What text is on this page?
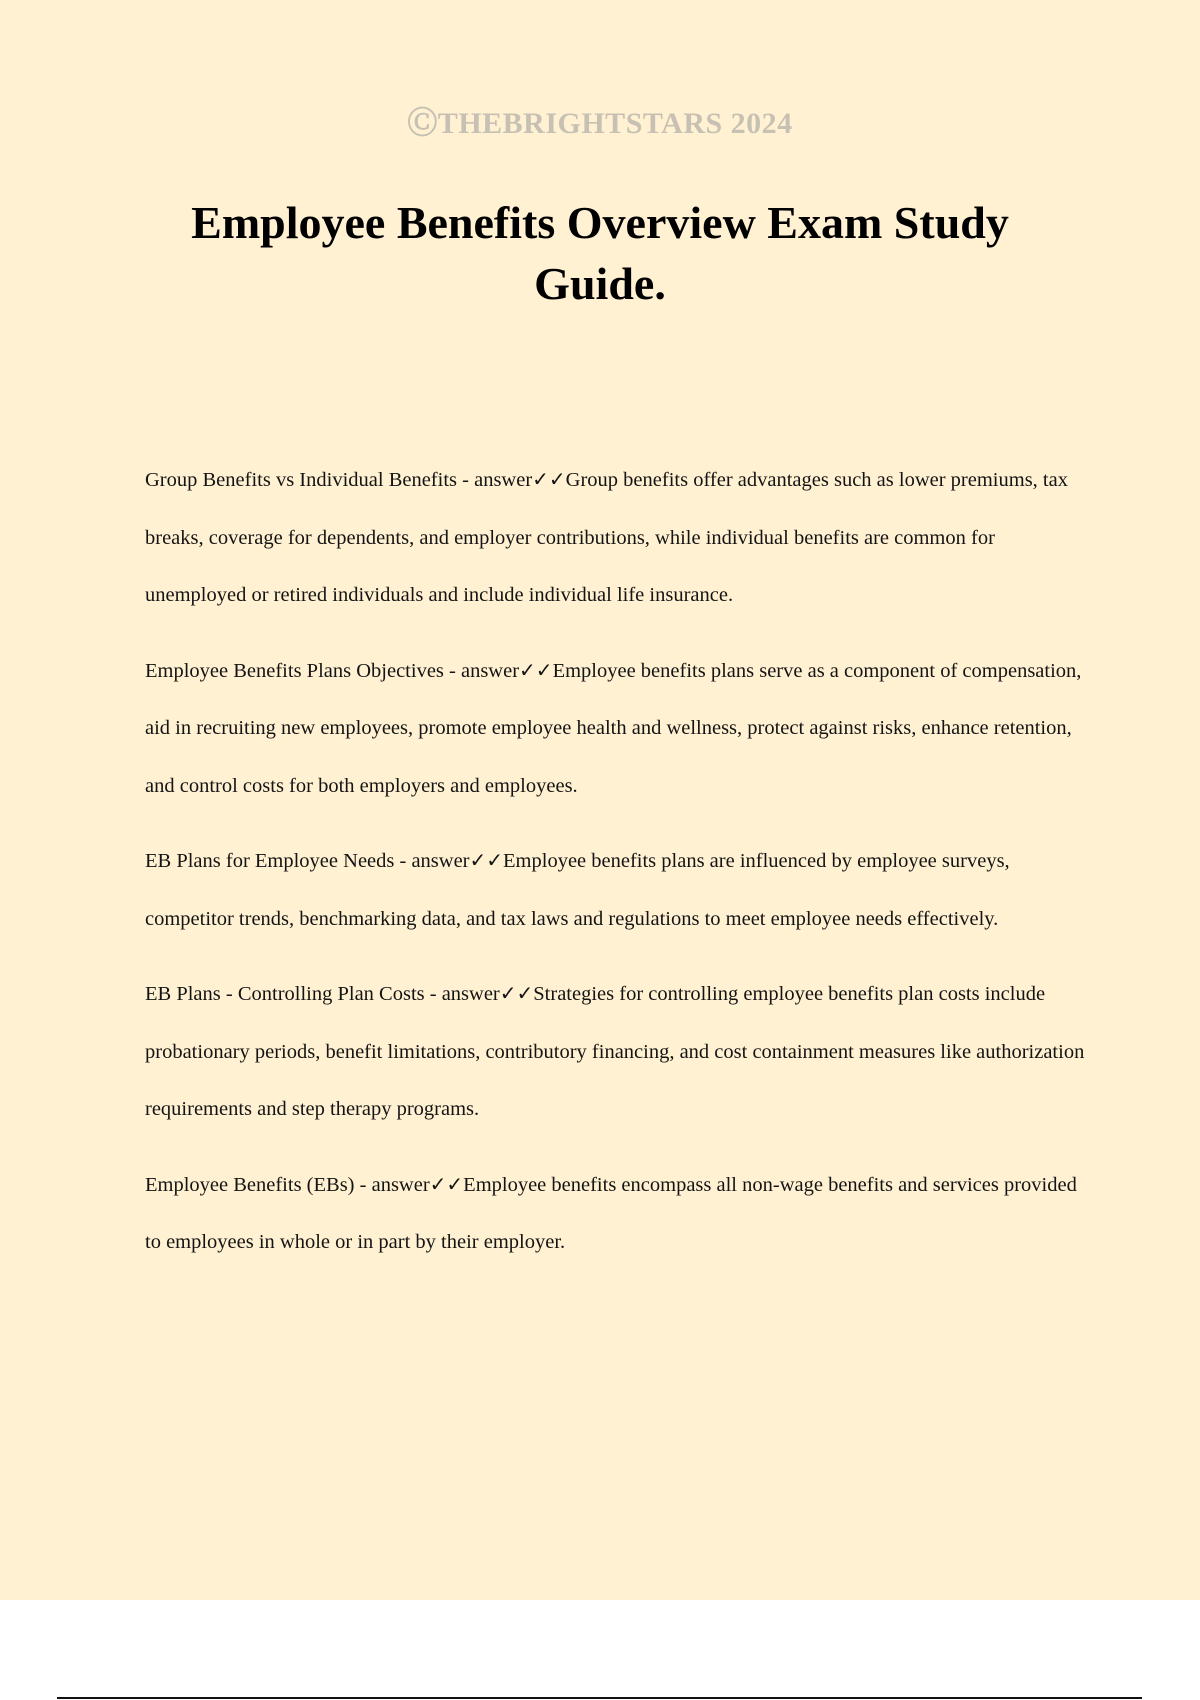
ⒸTHEBRIGHTSTARS 2024
Employee Benefits Overview Exam Study Guide.

Group Benefits vs Individual Benefits - answer✓✓Group benefits offer advantages such as lower premiums, tax breaks, coverage for dependents, and employer contributions, while individual benefits are common for unemployed or retired individuals and include individual life insurance.

Employee Benefits Plans Objectives - answer✓✓Employee benefits plans serve as a component of compensation, aid in recruiting new employees, promote employee health and wellness, protect against risks, enhance retention, and control costs for both employers and employees.

EB Plans for Employee Needs - answer✓✓Employee benefits plans are influenced by employee surveys, competitor trends, benchmarking data, and tax laws and regulations to meet employee needs effectively.

EB Plans - Controlling Plan Costs - answer✓✓Strategies for controlling employee benefits plan costs include probationary periods, benefit limitations, contributory financing, and cost containment measures like authorization requirements and step therapy programs.

Employee Benefits (EBs) - answer✓✓Employee benefits encompass all non-wage benefits and services provided to employees in whole or in part by their employer.
